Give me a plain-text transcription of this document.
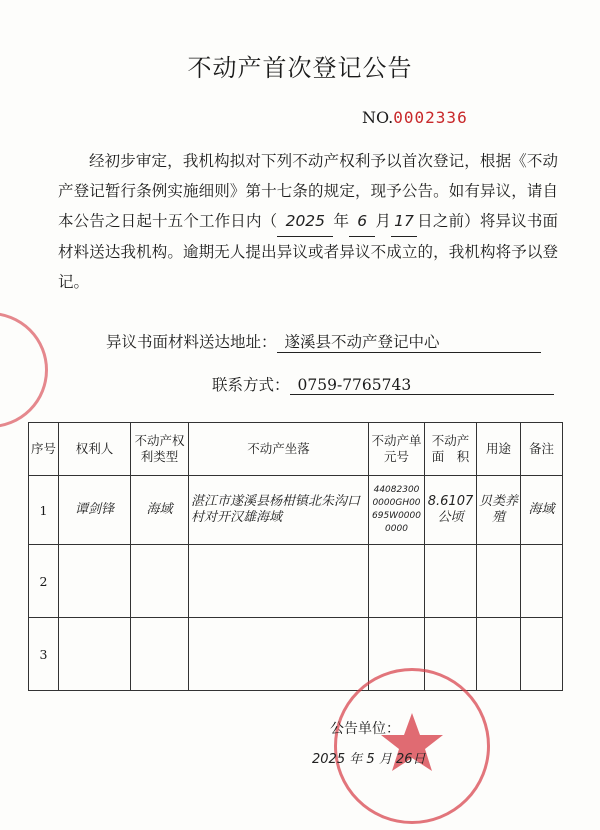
不动产首次登记公告
NO.0002336
经初步审定，我机构拟对下列不动产权利予以首次登记，根据《不动产登记暂行条例实施细则》第十七条的规定，现予公告。如有异议，请自本公告之日起十五个工作日内（ 2025 年 6 月 17 日之前）将异议书面材料送达我机构。逾期无人提出异议或者异议不成立的，我机构将予以登记。
异议书面材料送达地址： 遂溪县不动产登记中心
联系方式： 0759-7765743
序号	权利人	不动产权利类型	不动产坐落	不动产单元号	不动产面　积	用途	备注
1	谭剑锋	海域	湛江市遂溪县杨柑镇北朱沟口村对开汉雄海域	440823000000GH00695W00000000	8.6107公顷	贝类养殖	海域
2							
3							
公告单位：
2025 年 5 月 26日
